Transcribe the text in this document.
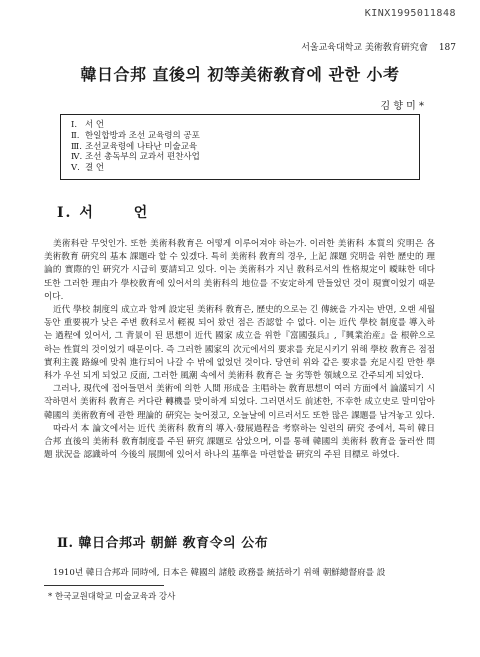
KINX1995011848
서울교육대학교 美術敎育硏究會 187
韓日合邦 直後의 初等美術敎育에 관한 小考
김 향 미 *
Ⅰ. 서 언
Ⅱ. 한일합방과 조선 교육령의 공포
Ⅲ. 조선교육령에 나타난 미술교육
Ⅳ. 조선 총독부의 교과서 편찬사업
Ⅴ. 결 언
Ⅰ. 서 언

美術科란 무엇인가. 또한 美術科敎育은 어떻게 이루어져야 하는가. 이러한 美術科 本質의 究明은 各 美術敎育 硏究의 基本 課題라 할 수 있겠다. 특히 美術科 敎育의 경우, 上記 課題 究明을 위한 歷史的 理論的 實際的인 硏究가 시급히 要請되고 있다. 이는 美術科가 지닌 敎科로서의 性格規定이 曖昧한 데다 또한 그러한 理由가 學校敎育에 있어서의 美術科의 地位를 不安定하게 만들었던 것이 現實이었기 때문이다.

近代 學校 制度의 成立과 함께 設定된 美術科 敎育은, 歷史的으로는 긴 傳統을 가지는 반면, 오랜 세월 동안 重要視가 낮은 주변 敎科로서 輕視 되어 왔던 점은 否認할 수 없다. 이는 近代 學校 制度를 導入하는 過程에 있어서, 그 背景이 된 思想이 近代 國家 成立을 위한『富國强兵』,『興業治産』을 根幹으로 하는 性質의 것이었기 때문이다. 즉 그러한 國家의 次元에서의 要求를 充足시키기 위해 學校 敎育은 점점 實利主義 路線에 맞춰 進行되어 나갈 수 밖에 없었던 것이다. 당연히 위와 같은 要求를 充足시킬 만한 學科가 우선 되게 되었고 反面, 그러한 風潮 속에서 美術科 敎育은 늘 劣等한 領域으로 간주되게 되었다.

그러나, 現代에 접어들면서 美術에 의한 人間 形成을 主唱하는 敎育思想이 여러 方面에서 論議되기 시작하면서 美術科 敎育은 커다란 轉機를 맞이하게 되었다. 그러면서도 前述한, 不幸한 成立史로 말미암아 韓國의 美術敎育에 관한 理論的 硏究는 늦어졌고, 오늘날에 이르러서도 또한 많은 課題를 남겨놓고 있다.

따라서 本 論文에서는 近代 美術科 敎育의 導入·發展過程을 考察하는 일련의 硏究 중에서, 특히 韓日合邦 直後의 美術科 敎育制度를 주된 硏究 課題로 삼았으며, 이를 통해 韓國의 美術科 敎育을 둘러싼 問題 狀況을 認識하여 今後의 展開에 있어서 하나의 基準을 마련할을 硏究의 주된 目標로 하였다.

Ⅱ. 韓日合邦과 朝鮮 敎育令의 公布

1910년 韓日合邦과 同時에, 日本은 韓國의 諸般 政務를 統括하기 위해 朝鮮總督府를 設

* 한국교원대학교 미술교육과 강사
